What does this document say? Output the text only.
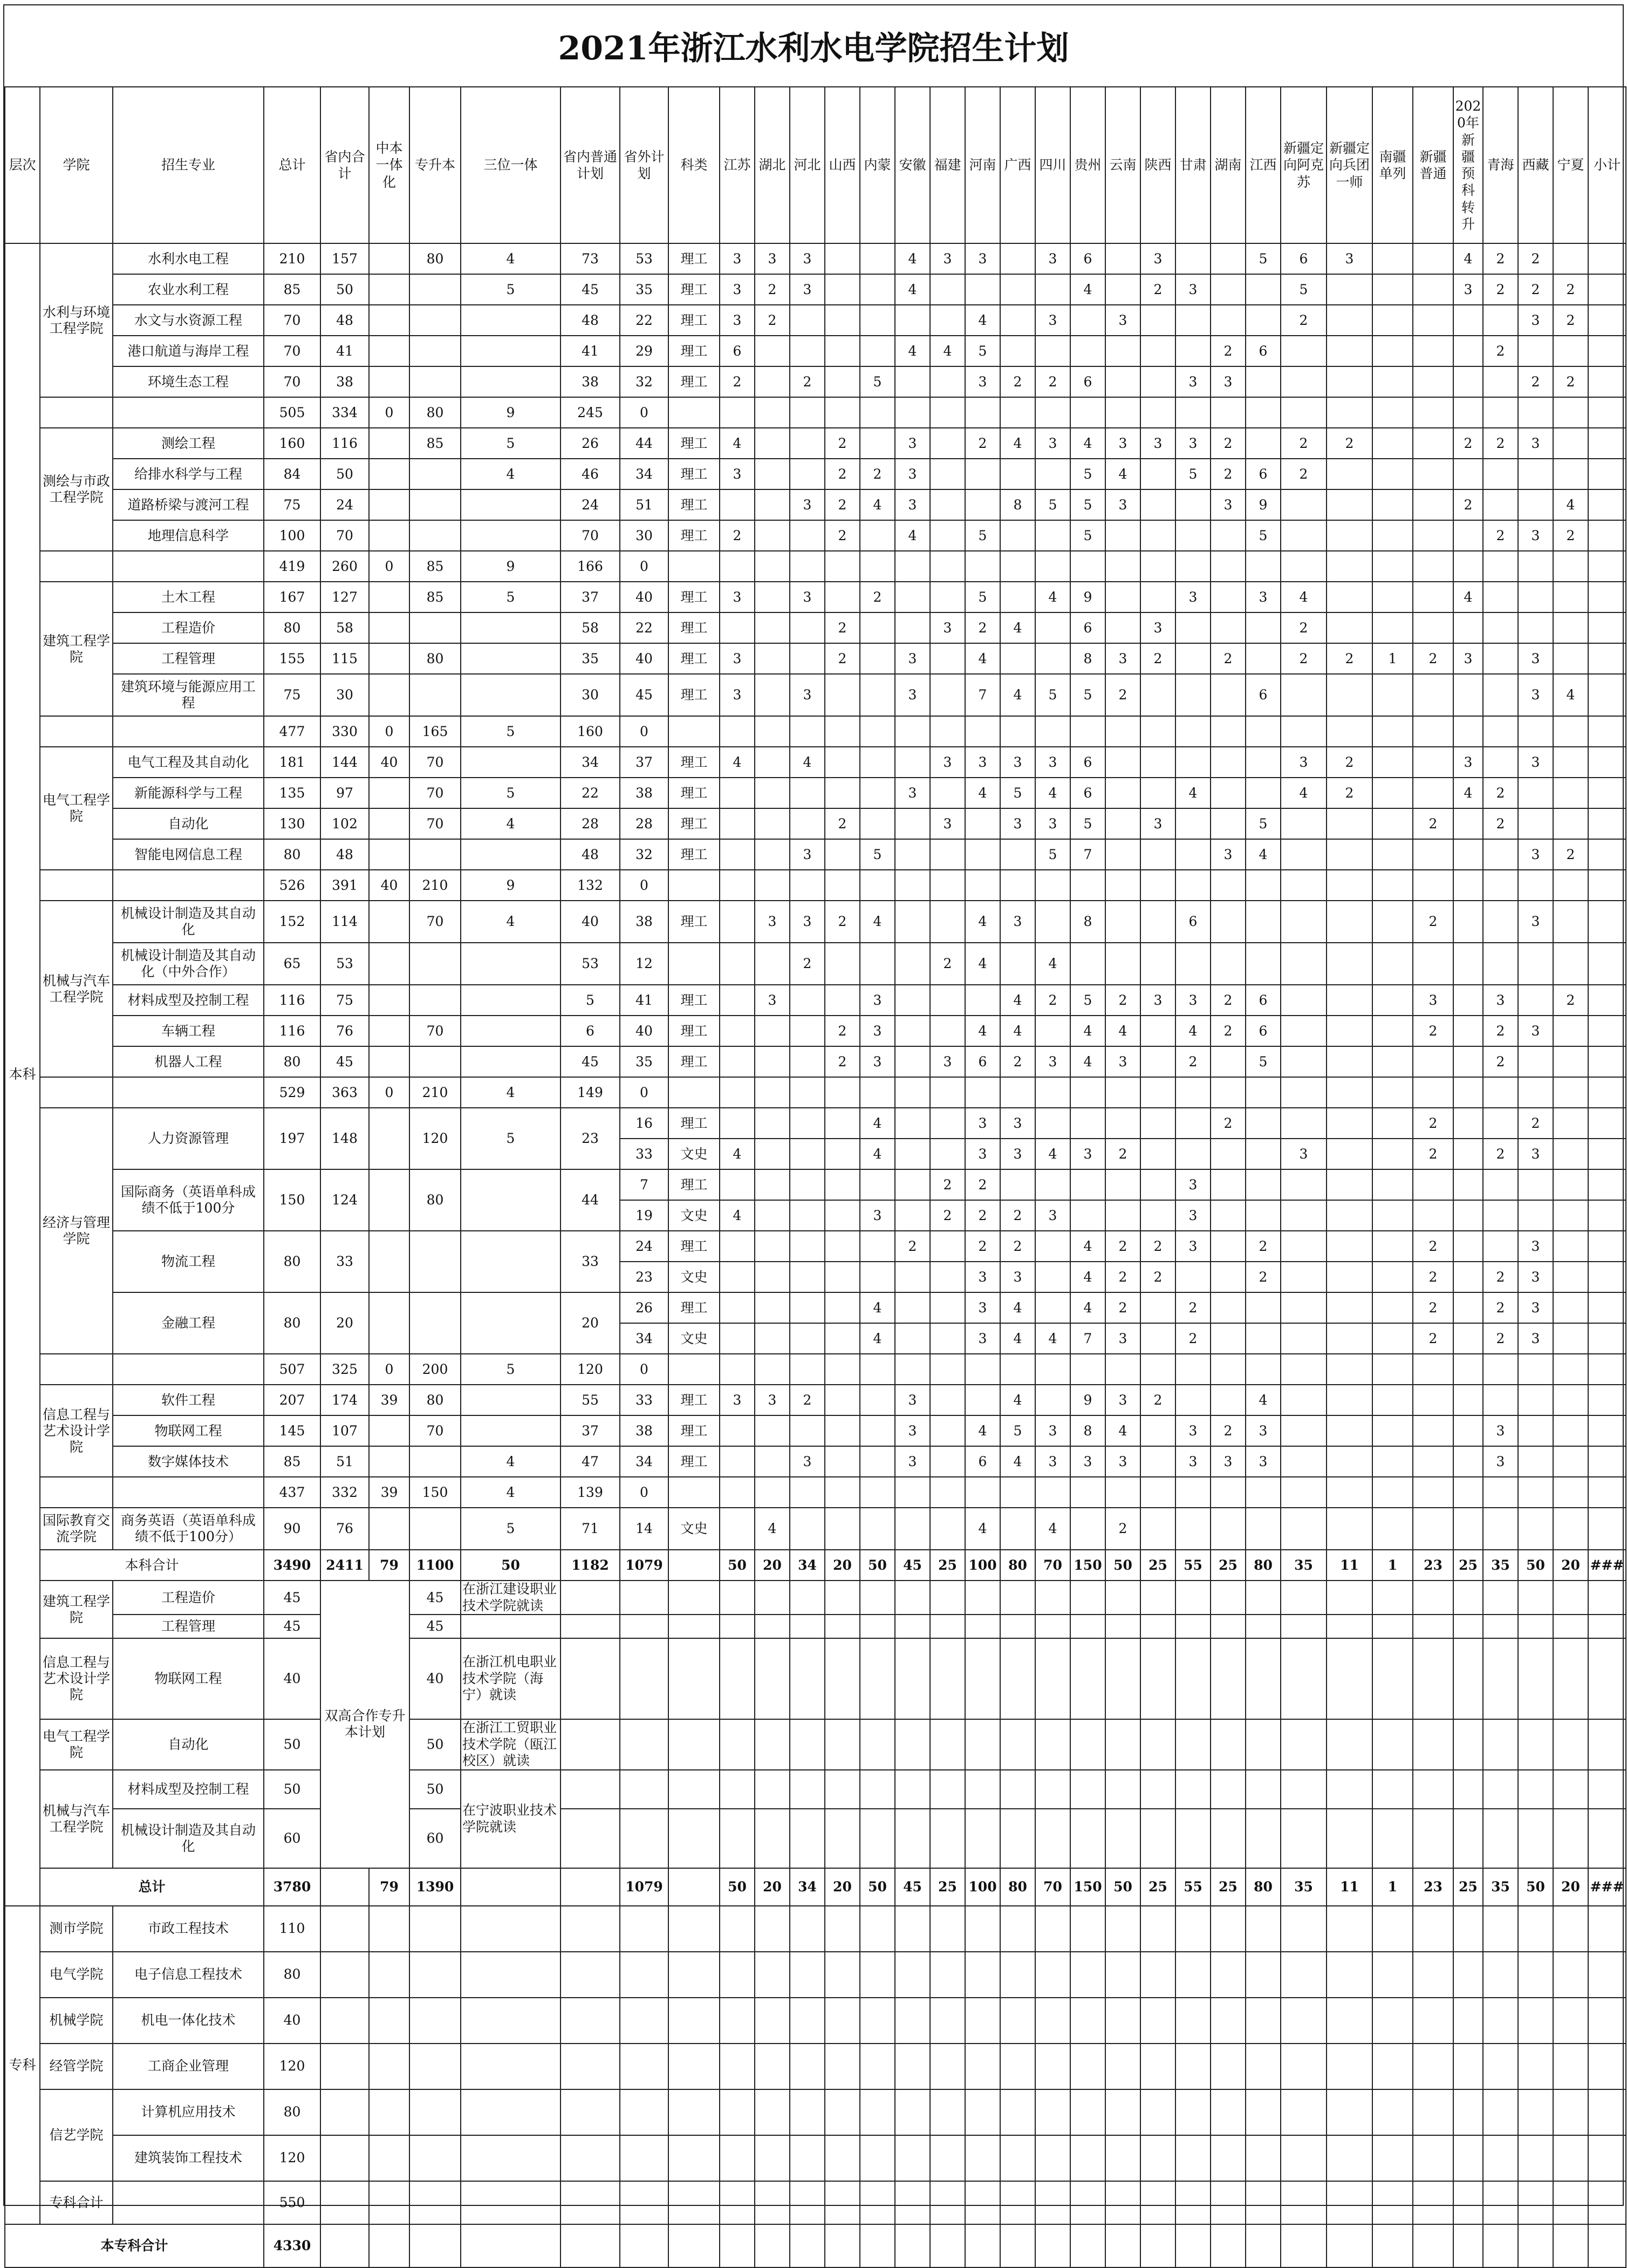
2021年浙江水利水电学院招生计划
层次	学院	招生专业	总计	省内合计	中本一体化	专升本	三位一体	省内普通计划	省外计划	科类	江苏	湖北	河北	山西	内蒙	安徽	福建	河南	广西	四川	贵州	云南	陕西	甘肃	湖南	江西	新疆定向阿克苏	新疆定向兵团一师	南疆单列	新疆普通	2020年新疆预科转升	青海	西藏	宁夏	小计
本科	水利与环境工程学院	水利水电工程	210	157		80	4	73	53	理工	3	3	3			4	3	3		3	6		3			5	6	3			4	2	2		
		农业水利工程	85	50			5	45	35	理工	3	2	3			4					4		2	3			5				3	2	2	2	
		水文与水资源工程	70	48				48	22	理工	3	2						4		3		3					2						3	2	
		港口航道与海岸工程	70	41				41	29	理工	6					4	4	5							2	6						2			
		环境生态工程	70	38				38	32	理工	2		2		5			3	2	2	6			3	3								2	2	
			505	334	0	80	9	245	0																										
	测绘与市政工程学院	测绘工程	160	116		85	5	26	44	理工	4			2		3		2	4	3	4	3	3	3	2		2	2			2	2	3		
		给排水科学与工程	84	50			4	46	34	理工	3			2	2	3					5	4		5	2	6	2								
		道路桥梁与渡河工程	75	24				24	51	理工			3	2	4	3			8	5	5	3			3	9					2			4	
		地理信息科学	100	70				70	30	理工	2			2		4		5			5					5						2	3	2	
			419	260	0	85	9	166	0																										
	建筑工程学院	土木工程	167	127		85	5	37	40	理工	3		3		2			5		4	9			3		3	4				4				
		工程造价	80	58				58	22	理工				2			3	2	4		6		3				2								
		工程管理	155	115		80		35	40	理工	3			2		3		4			8	3	2		2		2	2	1	2	3		3		
		建筑环境与能源应用工程	75	30				30	45	理工	3		3			3		7	4	5	5	2				6							3	4	
			477	330	0	165	5	160	0																										
	电气工程学院	电气工程及其自动化	181	144	40	70		34	37	理工	4		4				3	3	3	3	6						3	2			3		3		
		新能源科学与工程	135	97		70	5	22	38	理工						3		4	5	4	6			4			4	2			4	2			
		自动化	130	102		70	4	28	28	理工				2			3		3	3	5		3			5				2		2			
		智能电网信息工程	80	48				48	32	理工			3		5					5	7				3	4							3	2	
			526	391	40	210	9	132	0																										
	机械与汽车工程学院	机械设计制造及其自动化	152	114		70	4	40	38	理工		3	3	2	4			4	3		8			6						2			3		
		机械设计制造及其自动化（中外合作）	65	53				53	12				2				2	4		4															
		材料成型及控制工程	116	75				5	41	理工		3			3				4	2	5	2	3	3	2	6				3		3		2	
		车辆工程	116	76		70		6	40	理工				2	3			4	4		4	4		4	2	6				2		2	3		
		机器人工程	80	45				45	35	理工				2	3		3	6	2	3	4	3		2		5						2			
			529	363	0	210	4	149	0																										
	经济与管理学院	人力资源管理	197	148		120	5	23	16	理工					4			3	3						2					2			2		
									33	文史	4				4			3	3	4	3	2					3			2		2	3		
		国际商务（英语单科成绩不低于100分	150	124		80		44	7	理工							2	2						3											
									19	文史	4				3		2	2	2	3				3											
		物流工程	80	33				33	24	理工						2		2	2		4	2	2	3		2				2			3		
									23	文史								3	3		4	2	2			2				2		2	3		
		金融工程	80	20				20	26	理工					4			3	4		4	2		2						2		2	3		
									34	文史					4			3	4	4	7	3		2						2		2	3		
			507	325	0	200	5	120	0																										
	信息工程与艺术设计学院	软件工程	207	174	39	80		55	33	理工	3	3	2			3			4		9	3	2			4									
		物联网工程	145	107		70		37	38	理工						3		4	5	3	8	4		3	2	3						3			
		数字媒体技术	85	51			4	47	34	理工			3			3		6	4	3	3	3		3	3	3						3			
			437	332	39	150	4	139	0																										
	国际教育交流学院	商务英语（英语单科成绩不低于100分）	90	76			5	71	14	文史		4						4		4		2													
	本科合计		3490	2411	79	1100	50	1182	1079		50	20	34	20	50	45	25	100	80	70	150	50	25	55	25	80	35	11	1	23	25	35	50	20	###
	建筑工程学院	工程造价	45	双高合作专升本计划		45	在浙江建设职业技术学院就读																												
		工程管理	45			45																													
	信息工程与艺术设计学院	物联网工程	40			40	在浙江机电职业技术学院（海宁）就读																												
	电气工程学院	自动化	50			50	在浙江工贸职业技术学院（瓯江校区）就读																												
	机械与汽车工程学院	材料成型及控制工程	50			50	在宁波职业技术学院就读																												
		机械设计制造及其自动化	60			60																													
	总计		3780		79	1390			1079		50	20	34	20	50	45	25	100	80	70	150	50	25	55	25	80	35	11	1	23	25	35	50	20	###
专科	测市学院	市政工程技术	110																																
	电气学院	电子信息工程技术	80																																
	机械学院	机电一体化技术	40																																
	经管学院	工商企业管理	120																																
	信艺学院	计算机应用技术	80																																
		建筑装饰工程技术	120																																
	专科合计		550																																
本专科合计			4330																																
